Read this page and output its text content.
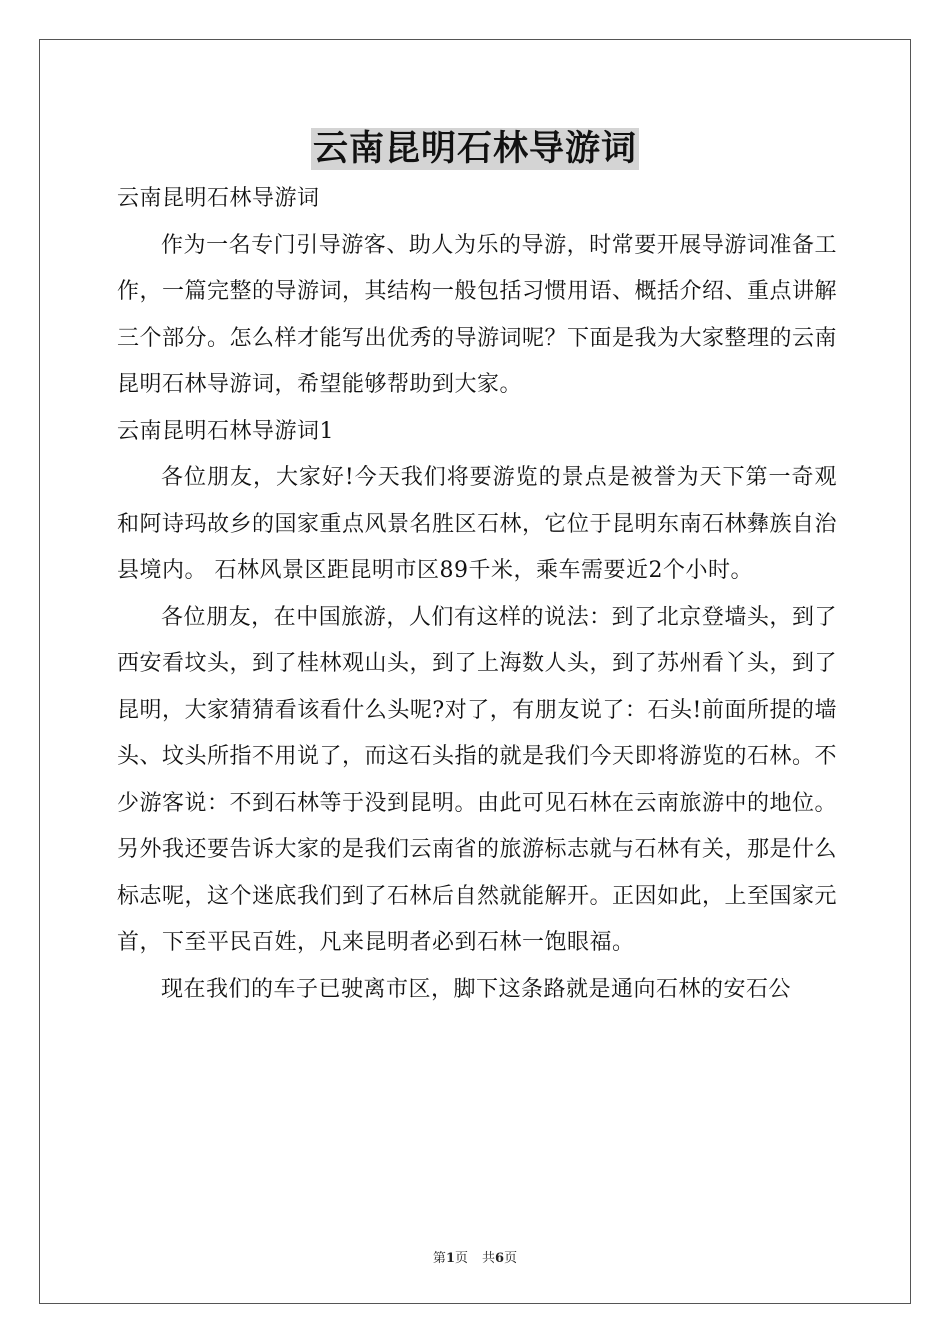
云南昆明石林导游词

云南昆明石林导游词

作为一名专门引导游客、助人为乐的导游，时常要开展导游词准备工作，一篇完整的导游词，其结构一般包括习惯用语、概括介绍、重点讲解三个部分。怎么样才能写出优秀的导游词呢？下面是我为大家整理的云南昆明石林导游词，希望能够帮助到大家。

云南昆明石林导游词1

各位朋友，大家好!今天我们将要游览的景点是被誉为天下第一奇观和阿诗玛故乡的国家重点风景名胜区石林，它位于昆明东南石林彝族自治县境内。 石林风景区距昆明市区89千米，乘车需要近2个小时。

各位朋友，在中国旅游，人们有这样的说法：到了北京登墙头，到了西安看坟头，到了桂林观山头，到了上海数人头，到了苏州看丫头，到了昆明，大家猜猜看该看什么头呢?对了，有朋友说了：石头!前面所提的墙头、坟头所指不用说了，而这石头指的就是我们今天即将游览的石林。不少游客说：不到石林等于没到昆明。由此可见石林在云南旅游中的地位。另外我还要告诉大家的是我们云南省的旅游标志就与石林有关，那是什么标志呢，这个迷底我们到了石林后自然就能解开。正因如此，上至国家元首，下至平民百姓，凡来昆明者必到石林一饱眼福。

现在我们的车子已驶离市区，脚下这条路就是通向石林的安石公

第1页 共6页
